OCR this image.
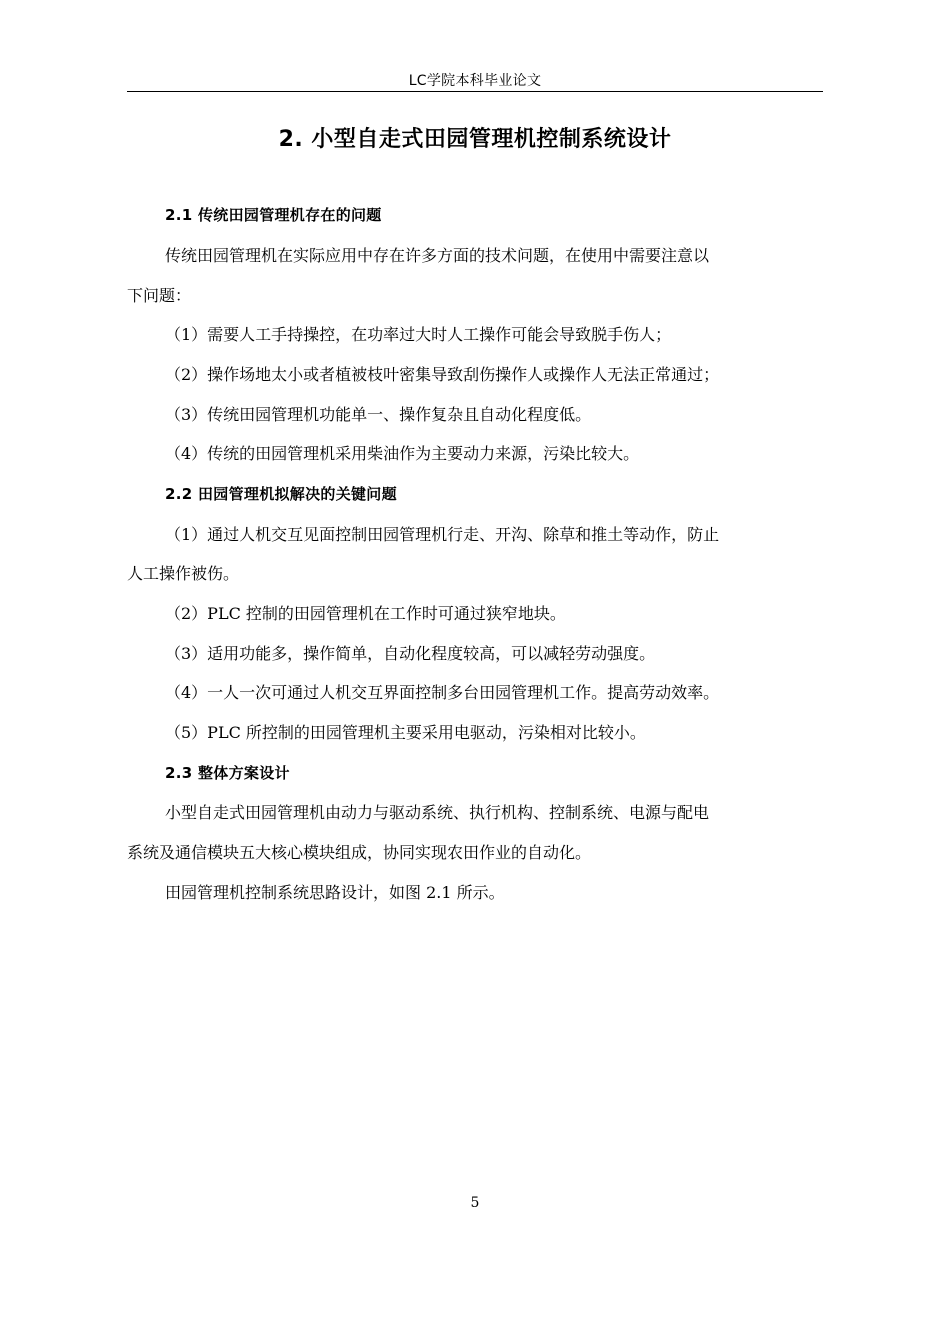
LC学院本科毕业论文
2. 小型自走式田园管理机控制系统设计
2.1 传统田园管理机存在的问题
传统田园管理机在实际应用中存在许多方面的技术问题，在使用中需要注意以
下问题：
（1）需要人工手持操控，在功率过大时人工操作可能会导致脱手伤人；
（2）操作场地太小或者植被枝叶密集导致刮伤操作人或操作人无法正常通过；
（3）传统田园管理机功能单一、操作复杂且自动化程度低。
（4）传统的田园管理机采用柴油作为主要动力来源，污染比较大。
2.2 田园管理机拟解决的关键问题
（1）通过人机交互见面控制田园管理机行走、开沟、除草和推土等动作，防止
人工操作被伤。
（2）PLC 控制的田园管理机在工作时可通过狭窄地块。
（3）适用功能多，操作简单，自动化程度较高，可以减轻劳动强度。
（4）一人一次可通过人机交互界面控制多台田园管理机工作。提高劳动效率。
（5）PLC 所控制的田园管理机主要采用电驱动，污染相对比较小。
2.3 整体方案设计
小型自走式田园管理机由动力与驱动系统、执行机构、控制系统、电源与配电
系统及通信模块五大核心模块组成，协同实现农田作业的自动化。
田园管理机控制系统思路设计，如图 2.1 所示。
5
